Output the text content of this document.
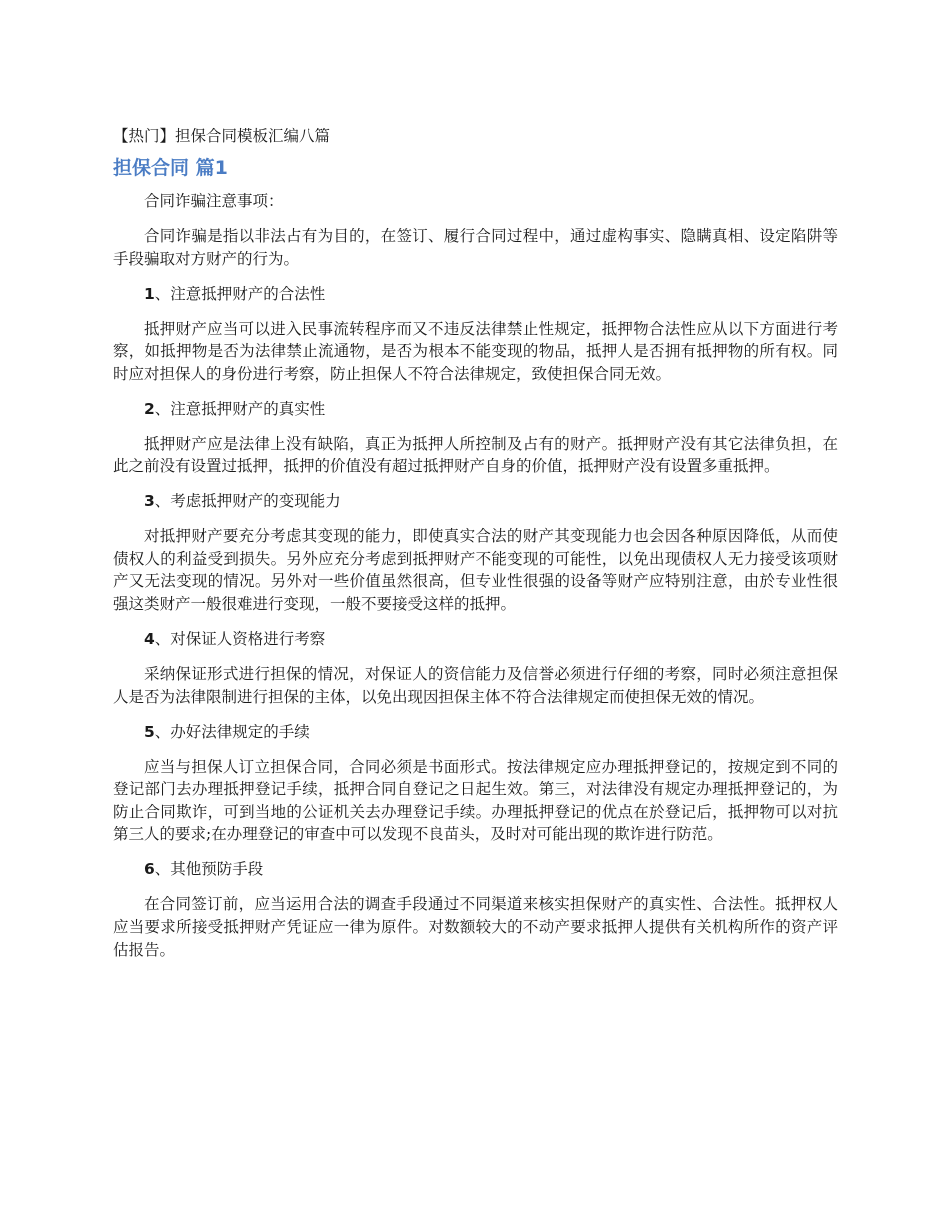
【热门】担保合同模板汇编八篇
担保合同 篇1

合同诈骗注意事项：

合同诈骗是指以非法占有为目的，在签订、履行合同过程中，通过虚构事实、隐瞒真相、设定陷阱等手段骗取对方财产的行为。

1、注意抵押财产的合法性

抵押财产应当可以进入民事流转程序而又不违反法律禁止性规定，抵押物合法性应从以下方面进行考察，如抵押物是否为法律禁止流通物，是否为根本不能变现的物品，抵押人是否拥有抵押物的所有权。同时应对担保人的身份进行考察，防止担保人不符合法律规定，致使担保合同无效。

2、注意抵押财产的真实性

抵押财产应是法律上没有缺陷，真正为抵押人所控制及占有的财产。抵押财产没有其它法律负担，在此之前没有设置过抵押，抵押的价值没有超过抵押财产自身的价值，抵押财产没有设置多重抵押。

3、考虑抵押财产的变现能力

对抵押财产要充分考虑其变现的能力，即使真实合法的财产其变现能力也会因各种原因降低，从而使债权人的利益受到损失。另外应充分考虑到抵押财产不能变现的可能性，以免出现债权人无力接受该项财产又无法变现的情况。另外对一些价值虽然很高，但专业性很强的设备等财产应特别注意，由於专业性很强这类财产一般很难进行变现，一般不要接受这样的抵押。

4、对保证人资格进行考察

采纳保证形式进行担保的情况，对保证人的资信能力及信誉必须进行仔细的考察，同时必须注意担保人是否为法律限制进行担保的主体，以免出现因担保主体不符合法律规定而使担保无效的情况。

5、办好法律规定的手续

应当与担保人订立担保合同，合同必须是书面形式。按法律规定应办理抵押登记的，按规定到不同的登记部门去办理抵押登记手续，抵押合同自登记之日起生效。第三，对法律没有规定办理抵押登记的，为防止合同欺诈，可到当地的公证机关去办理登记手续。办理抵押登记的优点在於登记后，抵押物可以对抗第三人的要求;在办理登记的审查中可以发现不良苗头，及时对可能出现的欺诈进行防范。

6、其他预防手段

在合同签订前，应当运用合法的调查手段通过不同渠道来核实担保财产的真实性、合法性。抵押权人应当要求所接受抵押财产凭证应一律为原件。对数额较大的不动产要求抵押人提供有关机构所作的资产评估报告。
